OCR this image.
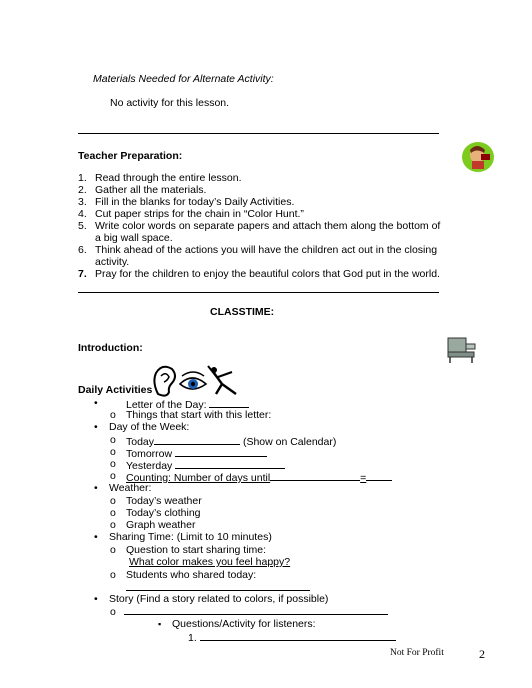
Materials Needed for Alternate Activity:
No activity for this lesson.
Teacher Preparation:
1. Read through the entire lesson.
2. Gather all the materials.
3. Fill in the blanks for today’s Daily Activities.
4. Cut paper strips for the chain in “Color Hunt.”
5. Write color words on separate papers and attach them along the bottom of
a big wall space.
6. Think ahead of the actions you will have the children act out in the closing
activity.
7. Pray for the children to enjoy the beautiful colors that God put in the world.
CLASSTIME:
Introduction:
Daily Activities
•	Letter of the Day:
o Things that start with this letter:
• Day of the Week:
o Today	(Show on Calendar)
o Tomorrow
o Yesterday
o Counting: Number of days until	=
• Weather:
o Today’s weather
o Today’s clothing
o Graph weather
• Sharing Time: (Limit to 10 minutes)
o Question to start sharing time:
What color makes you feel happy?
o Students who shared today:
• Story (Find a story related to colors, if possible)
o
▪ Questions/Activity for listeners:
1.
Not For Profit	2
